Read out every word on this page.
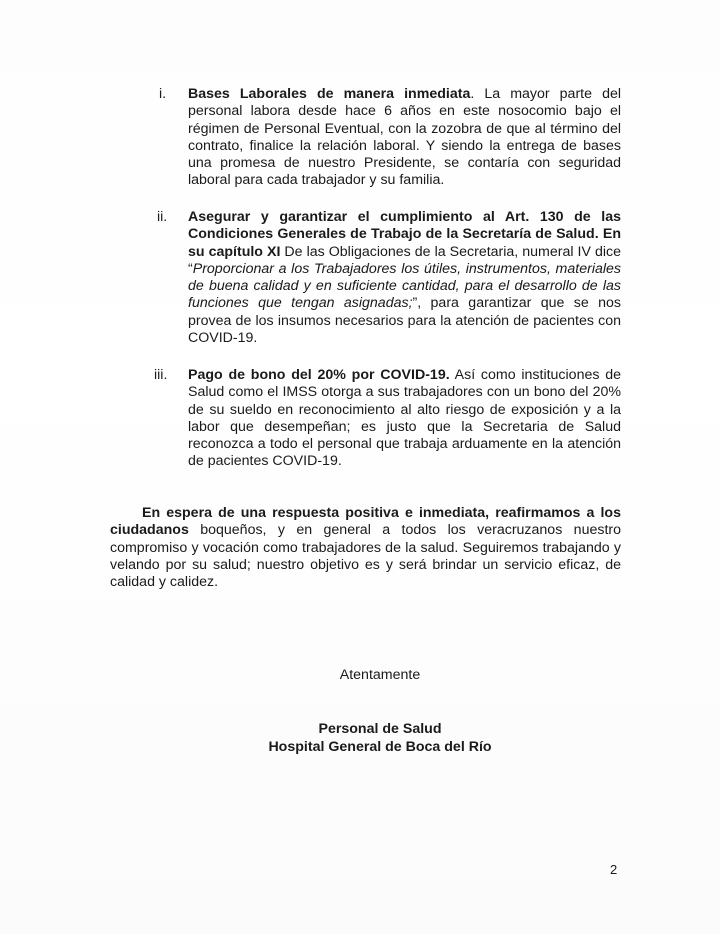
i.	Bases Laborales de manera inmediata. La mayor parte del personal labora desde hace 6 años en este nosocomio bajo el régimen de Personal Eventual, con la zozobra de que al término del contrato, finalice la relación laboral. Y siendo la entrega de bases una promesa de nuestro Presidente, se contaría con seguridad laboral para cada trabajador y su familia.

ii.	Asegurar y garantizar el cumplimiento al Art. 130 de las Condiciones Generales de Trabajo de la Secretaría de Salud. En su capítulo XI De las Obligaciones de la Secretaria, numeral IV dice “Proporcionar a los Trabajadores los útiles, instrumentos, materiales de buena calidad y en suficiente cantidad, para el desarrollo de las funciones que tengan asignadas;”, para garantizar que se nos provea de los insumos necesarios para la atención de pacientes con COVID-19.

iii.	Pago de bono del 20% por COVID-19. Así como instituciones de Salud como el IMSS otorga a sus trabajadores con un bono del 20% de su sueldo en reconocimiento al alto riesgo de exposición y a la labor que desempeñan; es justo que la Secretaria de Salud reconozca a todo el personal que trabaja arduamente en la atención de pacientes COVID-19.

En espera de una respuesta positiva e inmediata, reafirmamos a los ciudadanos boqueños, y en general a todos los veracruzanos nuestro compromiso y vocación como trabajadores de la salud. Seguiremos trabajando y velando por su salud; nuestro objetivo es y será brindar un servicio eficaz, de calidad y calidez.

Atentamente
Personal de Salud
Hospital General de Boca del Río
2
